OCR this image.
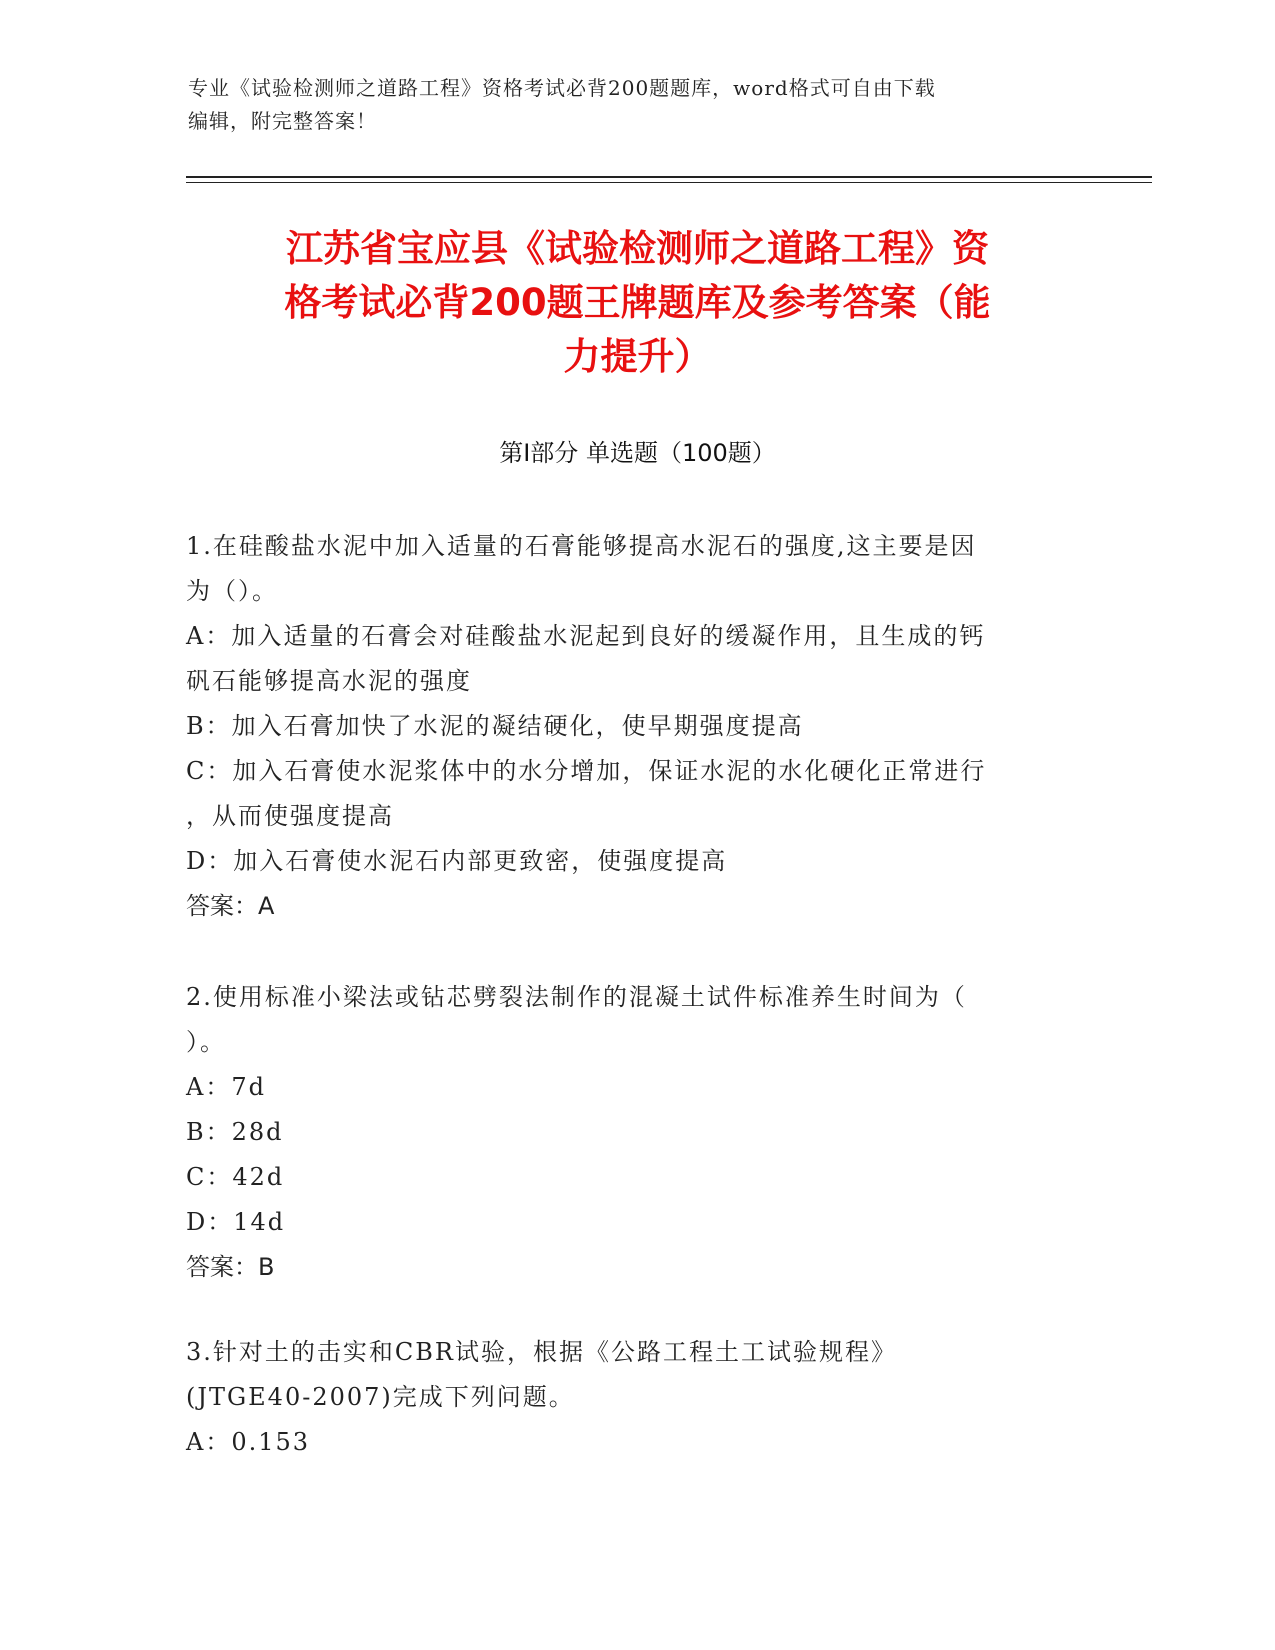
专业《试验检测师之道路工程》资格考试必背200题题库，word格式可自由下载
编辑，附完整答案！
江苏省宝应县《试验检测师之道路工程》资
格考试必背200题王牌题库及参考答案（能
力提升）
第Ⅰ部分 单选题（100题）

1.在硅酸盐水泥中加入适量的石膏能够提高水泥石的强度,这主要是因

为（）。

A：加入适量的石膏会对硅酸盐水泥起到良好的缓凝作用，且生成的钙

矾石能够提高水泥的强度

B：加入石膏加快了水泥的凝结硬化，使早期强度提高

C：加入石膏使水泥浆体中的水分增加，保证水泥的水化硬化正常进行

，从而使强度提高

D：加入石膏使水泥石内部更致密，使强度提高

答案：A

2.使用标准小梁法或钻芯劈裂法制作的混凝土试件标准养生时间为（

）。

A：7d

B：28d

C：42d

D：14d

答案：B

3.针对土的击实和CBR试验，根据《公路工程土工试验规程》

(JTGE40-2007)完成下列问题。

A：0.153
